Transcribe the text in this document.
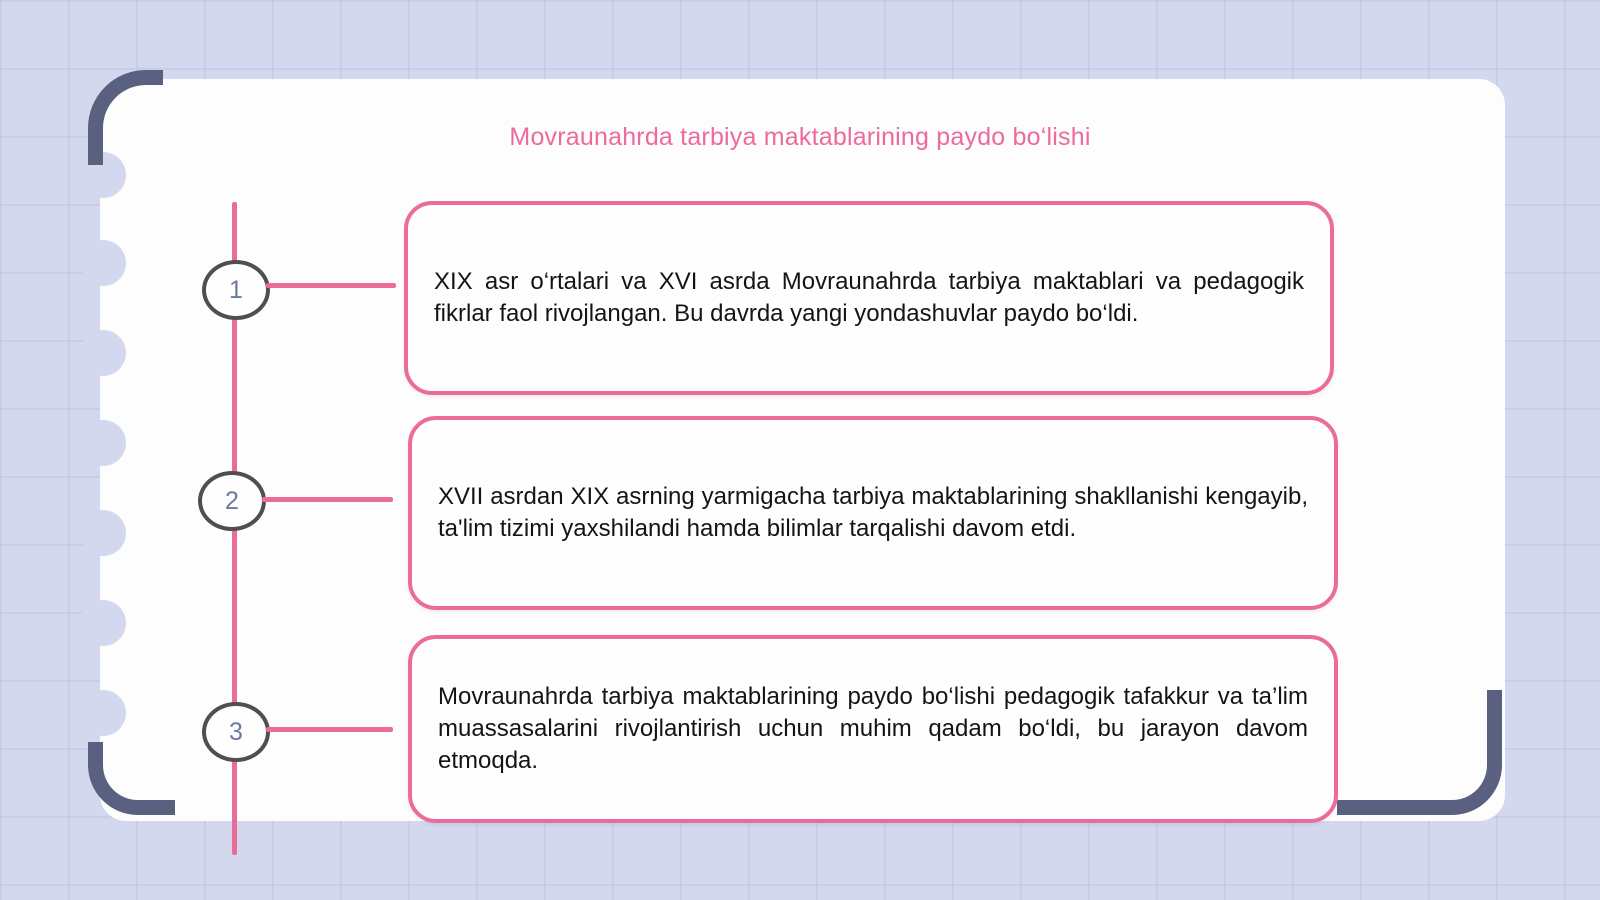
Movraunahrda tarbiya maktablarining paydo bo‘lishi
1	XIX asr o‘rtalari va XVI asrda Movraunahrda tarbiya maktablari va pedagogik fikrlar faol rivojlangan. Bu davrda yangi yondashuvlar paydo bo‘ldi.
2	XVII asrdan XIX asrning yarmigacha tarbiya maktablarining shakllanishi kengayib, ta'lim tizimi yaxshilandi hamda bilimlar tarqalishi davom etdi.
3
Movraunahrda tarbiya maktablarining paydo bo‘lishi pedagogik tafakkur va ta’lim muassasalarini rivojlantirish uchun muhim qadam bo‘ldi, bu jarayon davom etmoqda.
